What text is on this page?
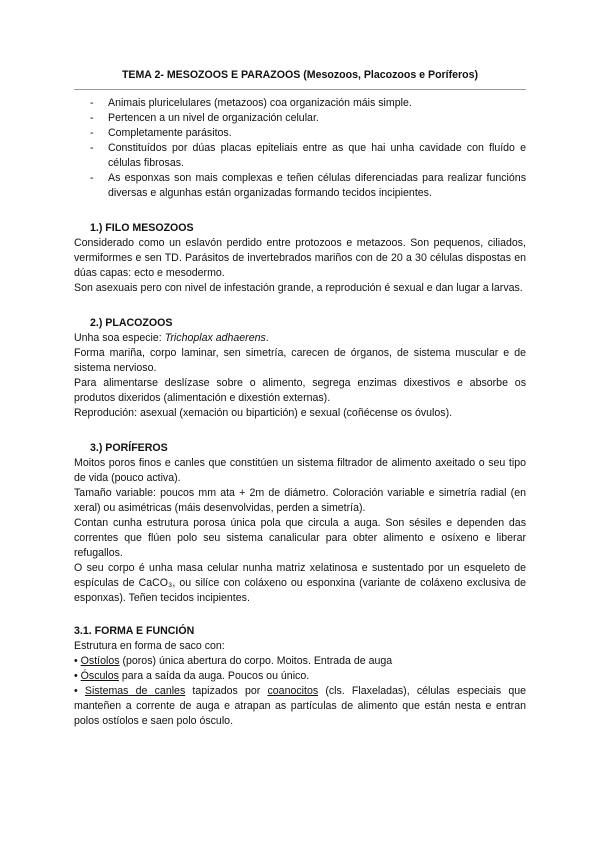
TEMA 2- MESOZOOS E PARAZOOS (Mesozoos, Placozoos e Poríferos)
- Animais pluricelulares (metazoos) coa organización máis simple.
- Pertencen a un nivel de organización celular.
- Completamente parásitos.
- Constituídos por dúas placas epiteliais entre as que hai unha cavidade con fluído e células fibrosas.
- As esponxas son mais complexas e teñen células diferenciadas para realizar funcións diversas e algunhas están organizadas formando tecidos incipientes.
1.) FILO MESOZOOS

Considerado como un eslavón perdido entre protozoos e metazoos. Son pequenos, ciliados, vermiformes e sen TD. Parásitos de invertebrados mariños con de 20 a 30 células dispostas en dúas capas: ecto e mesodermo.

Son asexuais pero con nivel de infestación grande, a reprodución é sexual e dan lugar a larvas.

2.) PLACOZOOS

Unha soa especie: Trichoplax adhaerens.

Forma mariña, corpo laminar, sen simetría, carecen de órganos, de sistema muscular e de sistema nervioso.

Para alimentarse deslízase sobre o alimento, segrega enzimas dixestivos e absorbe os produtos dixeridos (alimentación e dixestión externas).

Reprodución: asexual (xemación ou bipartición) e sexual (coñécense os óvulos).

3.) PORÍFEROS

Moitos poros finos e canles que constitúen un sistema filtrador de alimento axeitado o seu tipo de vida (pouco activa).

Tamaño variable: poucos mm ata + 2m de diámetro. Coloración variable e simetría radial (en xeral) ou asimétricas (máis desenvolvidas, perden a simetría).

Contan cunha estrutura porosa única pola que circula a auga. Son sésiles e dependen das correntes que flúen polo seu sistema canalicular para obter alimento e osíxeno e liberar refugallos.

O seu corpo é unha masa celular nunha matriz xelatinosa e sustentado por un esqueleto de espículas de CaCO₃, ou silíce con coláxeno ou esponxina (variante de coláxeno exclusiva de esponxas). Teñen tecidos incipientes.

3.1. FORMA E FUNCIÓN

Estrutura en forma de saco con:

• Ostíolos (poros) única abertura do corpo. Moitos. Entrada de auga

• Ósculos para a saída da auga. Poucos ou único.

• Sistemas de canles tapizados por coanocitos (cls. Flaxeladas), células especiais que manteñen a corrente de auga e atrapan as partículas de alimento que están nesta e entran polos ostíolos e saen polo ósculo.
